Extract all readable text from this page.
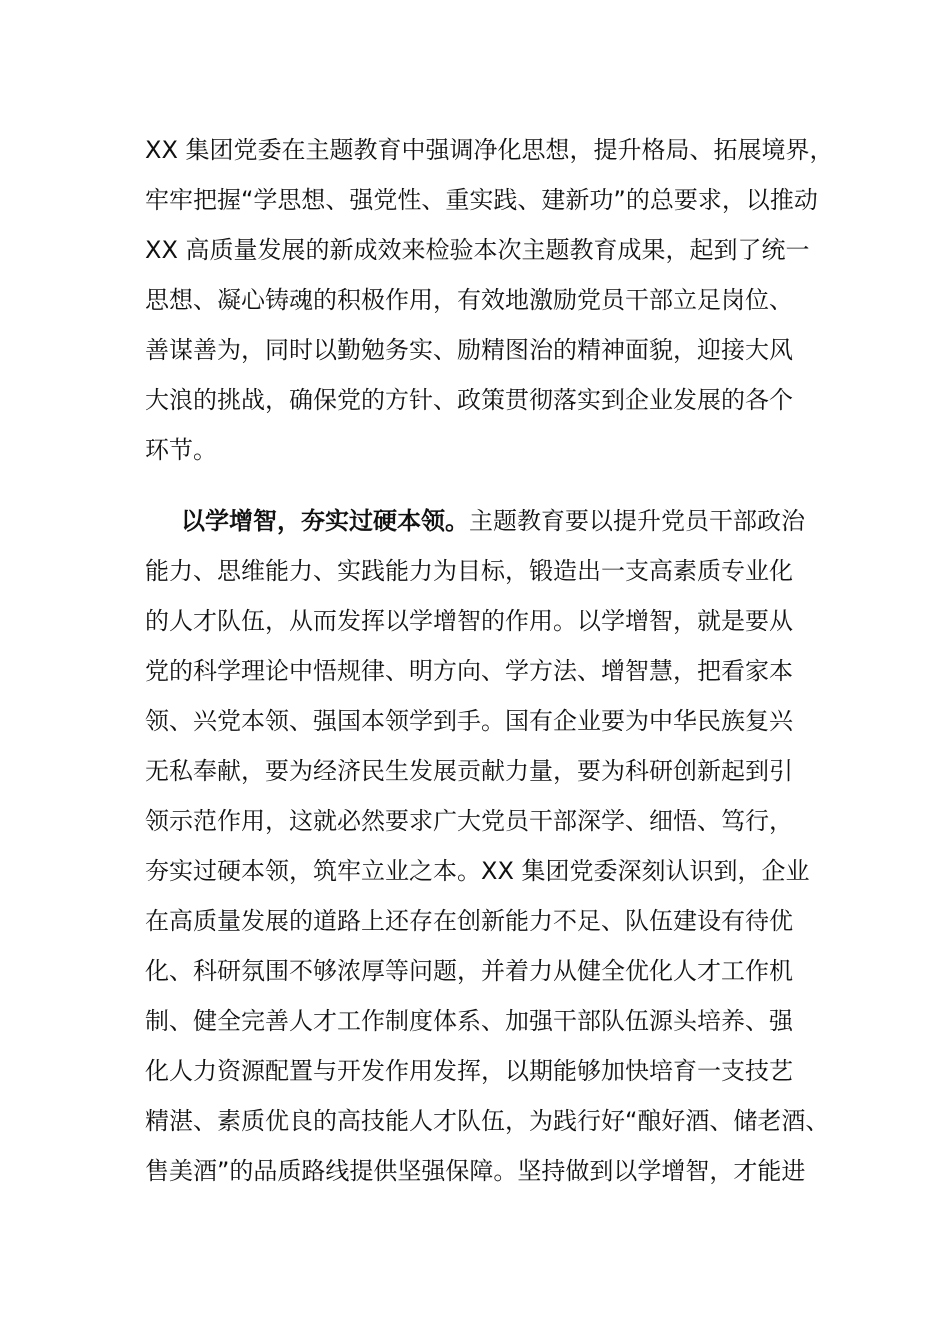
XX 集团党委在主题教育中强调净化思想，提升格局、拓展境界，
牢牢把握“学思想、强党性、重实践、建新功”的总要求，以推动
XX 高质量发展的新成效来检验本次主题教育成果，起到了统一
思想、凝心铸魂的积极作用，有效地激励党员干部立足岗位、
善谋善为，同时以勤勉务实、励精图治的精神面貌，迎接大风
大浪的挑战，确保党的方针、政策贯彻落实到企业发展的各个
环节。
以学增智，夯实过硬本领。主题教育要以提升党员干部政治
能力、思维能力、实践能力为目标，锻造出一支高素质专业化
的人才队伍，从而发挥以学增智的作用。以学增智，就是要从
党的科学理论中悟规律、明方向、学方法、增智慧，把看家本
领、兴党本领、强国本领学到手。国有企业要为中华民族复兴
无私奉献，要为经济民生发展贡献力量，要为科研创新起到引
领示范作用，这就必然要求广大党员干部深学、细悟、笃行，
夯实过硬本领，筑牢立业之本。XX 集团党委深刻认识到，企业
在高质量发展的道路上还存在创新能力不足、队伍建设有待优
化、科研氛围不够浓厚等问题，并着力从健全优化人才工作机
制、健全完善人才工作制度体系、加强干部队伍源头培养、强
化人力资源配置与开发作用发挥，以期能够加快培育一支技艺
精湛、素质优良的高技能人才队伍，为践行好“酿好酒、储老酒、
售美酒”的品质路线提供坚强保障。坚持做到以学增智，才能进
